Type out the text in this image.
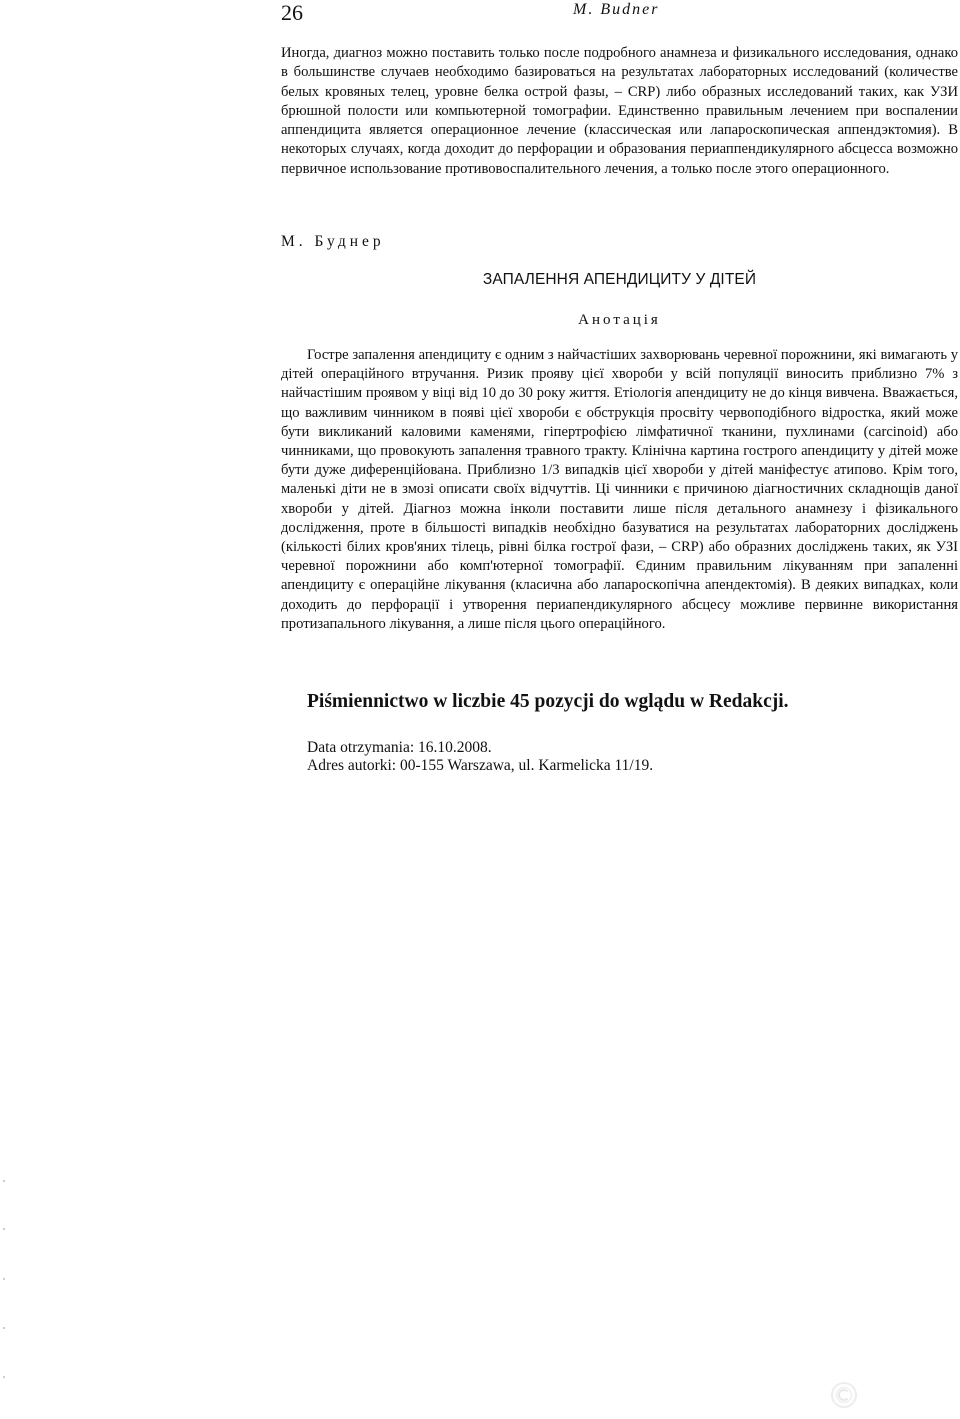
26	M. Budner

Иногда, диагноз можно поставить только после подробного анамнеза и физикального исследования, однако в большинстве случаев необходимо базироваться на результатах лабораторных исследований (количестве белых кровяных телец, уровне белка острой фазы, – CRP) либо образных исследований таких, как УЗИ брюшной полости или компьютерной томографии. Единственно правильным лечением при воспалении аппендицита является операционное лечение (классическая или лапароскопическая аппендэктомия). В некоторых случаях, когда доходит до перфорации и образования периаппендикулярного абсцесса возможно первичное использование противовоспалительного лечения, а только после этого операционного.

М. Буднер
ЗАПАЛЕННЯ АПЕНДИЦИТУ У ДІТЕЙ
Анотація

Гостре запалення апендициту є одним з найчастіших захворювань черевної порожнини, які вимагають у дітей операційного втручання. Ризик прояву цієї хвороби у всій популяції виносить приблизно 7% з найчастішим проявом у віці від 10 до 30 року життя. Етіологія апендициту не до кінця вивчена. Вважається, що важливим чинником в появі цієї хвороби є обструкція просвіту червоподібного відростка, який може бути викликаний каловими каменями, гіпертрофією лімфатичної тканини, пухлинами (carcinoid) або чинниками, що провокують запалення травного тракту. Клінічна картина гострого апендициту у дітей може бути дуже диференційована. Приблизно 1/3 випадків цієї хвороби у дітей маніфестує атипово. Крім того, маленькі діти не в змозі описати своїх відчуттів. Ці чинники є причиною діагностичних складнощів даної хвороби у дітей. Діагноз можна інколи поставити лише після детального анамнезу і фізикального дослідження, проте в більшості випадків необхідно базуватися на результатах лабораторних досліджень (кількості білих кров'яних тілець, рівні білка гострої фази, – CRP) або образних досліджень таких, як УЗІ черевної порожнини або комп'ютерної томографії. Єдиним правильним лікуванням при запаленні апендициту є операційне лікування (класична або лапароскопічна апендектомія). В деяких випадках, коли доходить до перфорації і утворення периапендикулярного абсцесу можливе первинне використання протизапального лікування, а лише після цього операційного.

Piśmiennictwo w liczbie 45 pozycji do wglądu w Redakcji.
Data otrzymania: 16.10.2008.
Adres autorki: 00-155 Warszawa, ul. Karmelicka 11/19.
